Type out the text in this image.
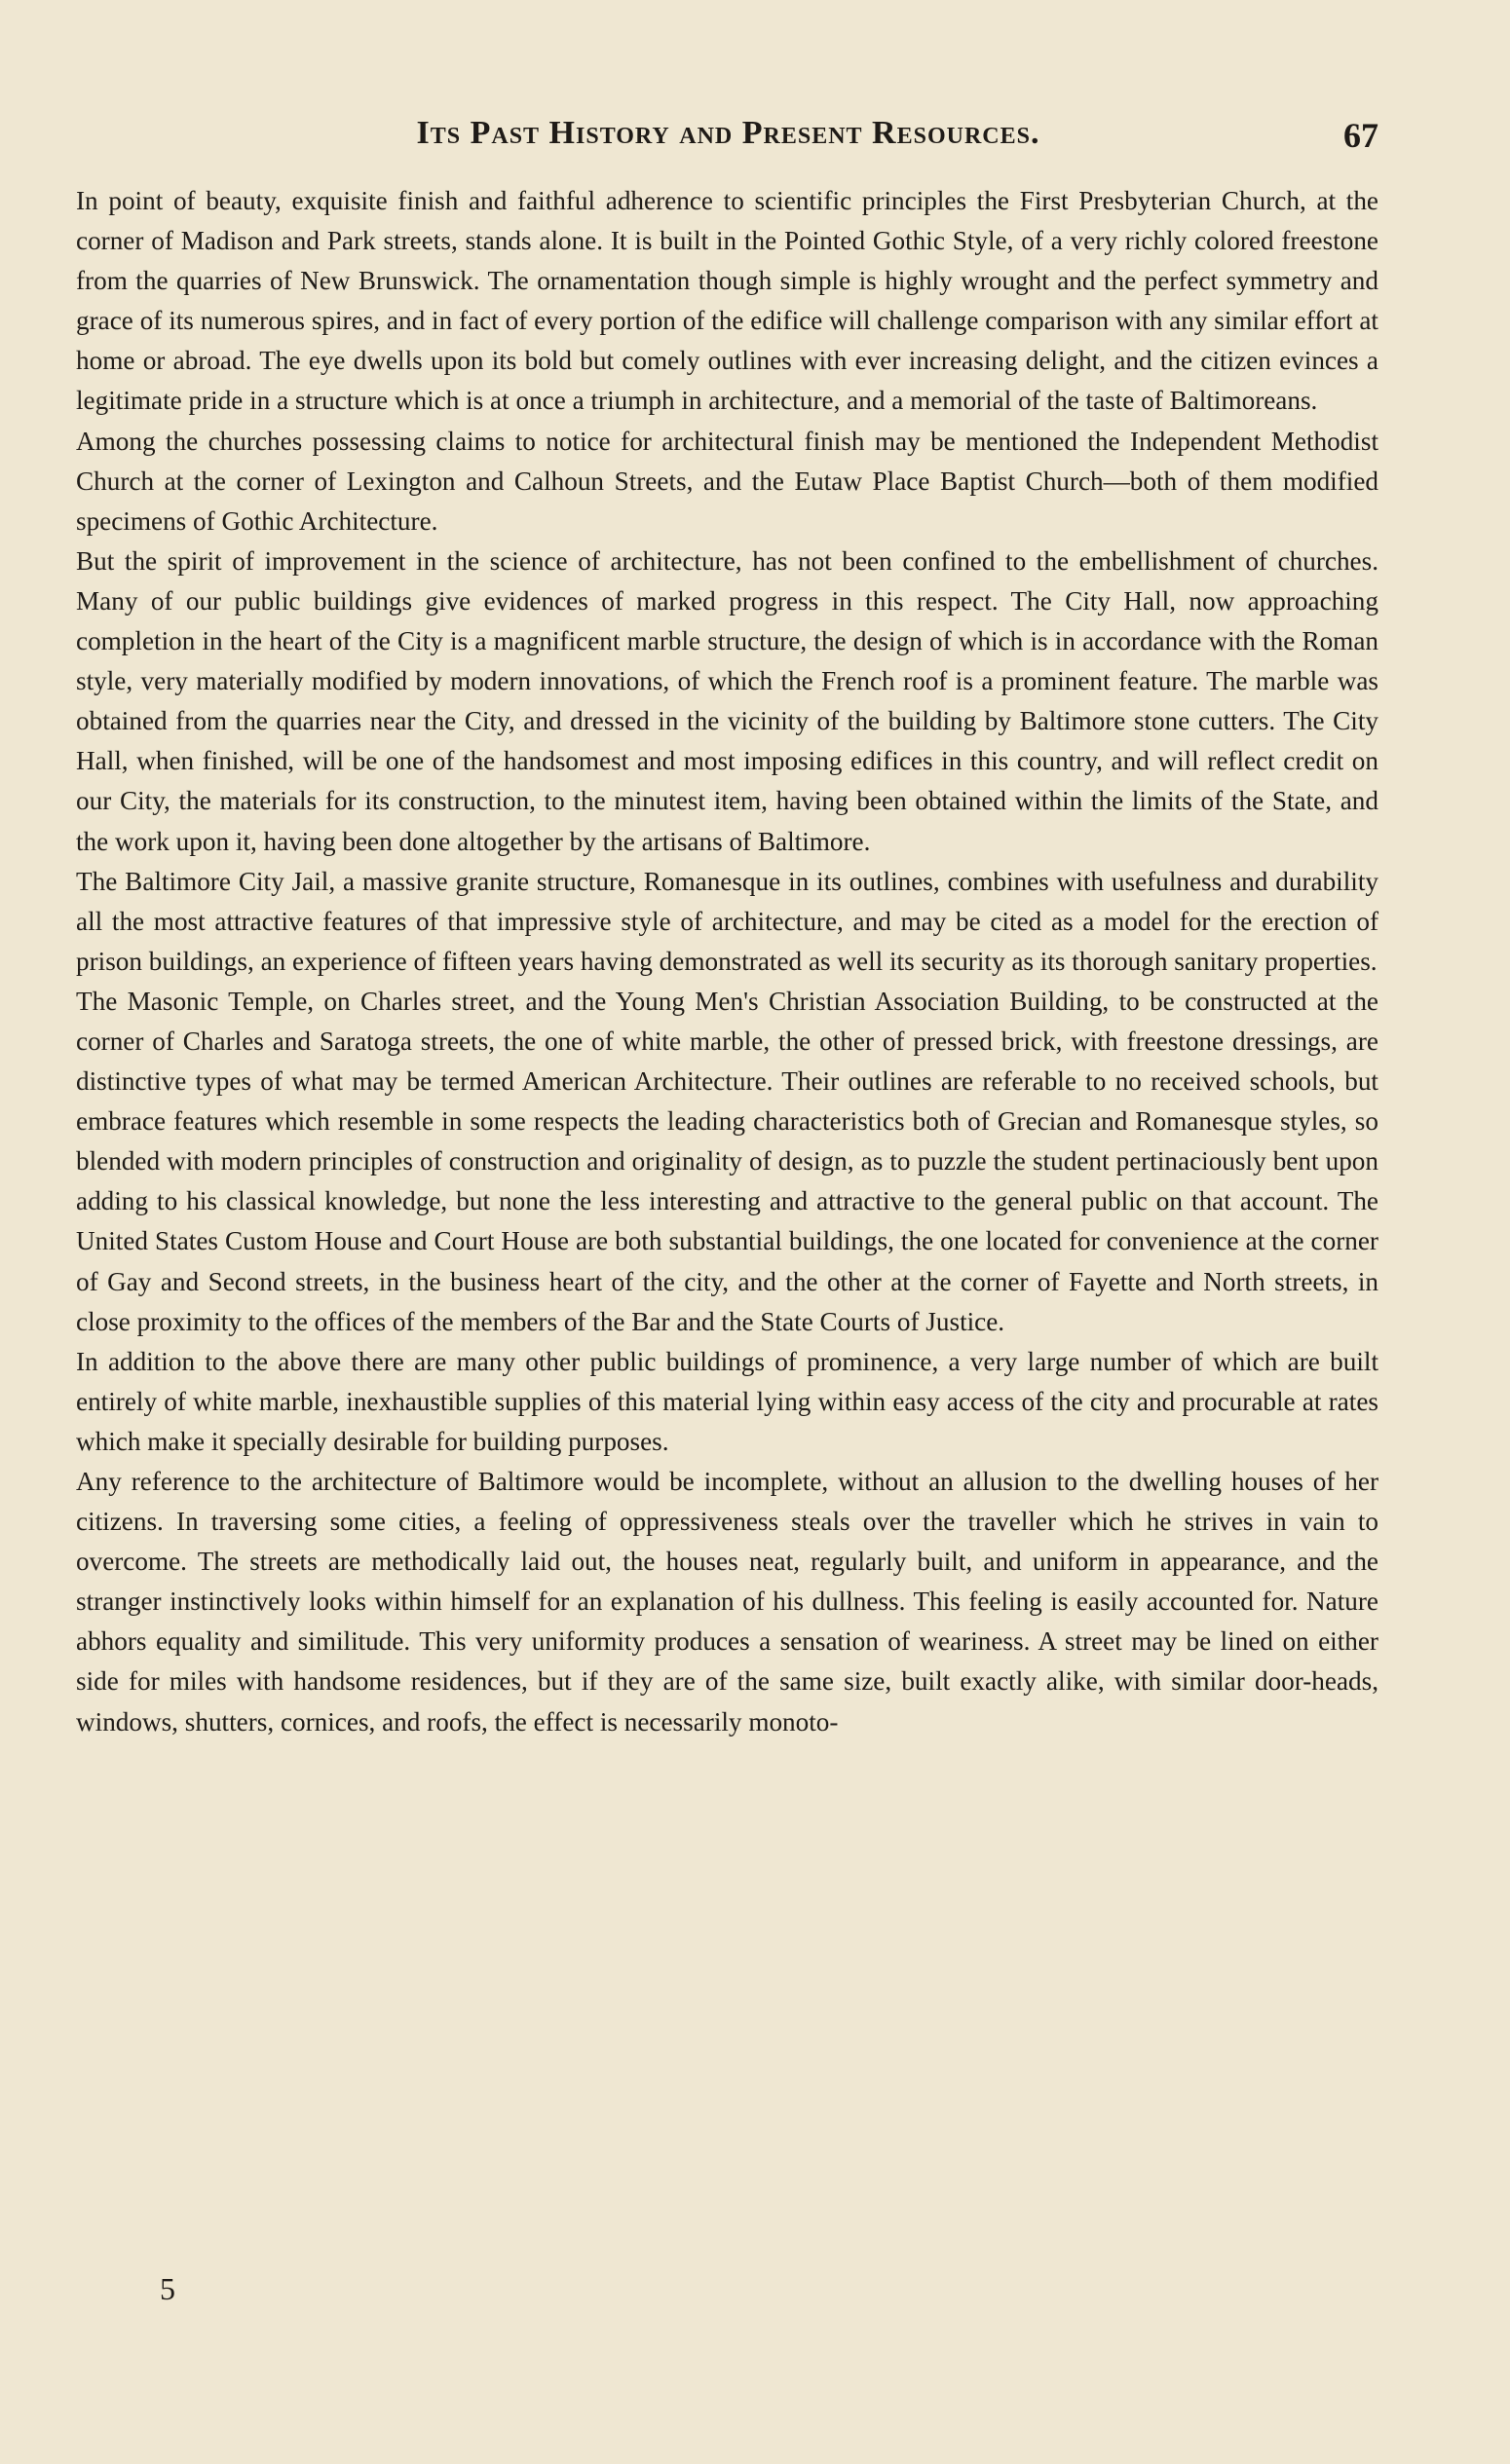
Its Past History and Present Resources.	67

In point of beauty, exquisite finish and faithful adherence to scientific principles the First Presbyterian Church, at the corner of Madison and Park streets, stands alone. It is built in the Pointed Gothic Style, of a very richly colored freestone from the quarries of New Brunswick. The ornamentation though simple is highly wrought and the perfect symmetry and grace of its numerous spires, and in fact of every portion of the edifice will challenge comparison with any similar effort at home or abroad. The eye dwells upon its bold but comely outlines with ever increasing delight, and the citizen evinces a legitimate pride in a structure which is at once a triumph in architecture, and a memorial of the taste of Baltimoreans.

Among the churches possessing claims to notice for architectural finish may be mentioned the Independent Methodist Church at the corner of Lexington and Calhoun Streets, and the Eutaw Place Baptist Church—both of them modified specimens of Gothic Architecture.

But the spirit of improvement in the science of architecture, has not been confined to the embellishment of churches. Many of our public buildings give evidences of marked progress in this respect. The City Hall, now approaching completion in the heart of the City is a magnificent marble structure, the design of which is in accordance with the Roman style, very materially modified by modern innovations, of which the French roof is a prominent feature. The marble was obtained from the quarries near the City, and dressed in the vicinity of the building by Baltimore stone cutters. The City Hall, when finished, will be one of the handsomest and most imposing edifices in this country, and will reflect credit on our City, the materials for its construction, to the minutest item, having been obtained within the limits of the State, and the work upon it, having been done altogether by the artisans of Baltimore.

The Baltimore City Jail, a massive granite structure, Romanesque in its outlines, combines with usefulness and durability all the most attractive features of that impressive style of architecture, and may be cited as a model for the erection of prison buildings, an experience of fifteen years having demonstrated as well its security as its thorough sanitary properties.

The Masonic Temple, on Charles street, and the Young Men's Christian Association Building, to be constructed at the corner of Charles and Saratoga streets, the one of white marble, the other of pressed brick, with freestone dressings, are distinctive types of what may be termed American Architecture. Their outlines are referable to no received schools, but embrace features which resemble in some respects the leading characteristics both of Grecian and Romanesque styles, so blended with modern principles of construction and originality of design, as to puzzle the student pertinaciously bent upon adding to his classical knowledge, but none the less interesting and attractive to the general public on that account. The United States Custom House and Court House are both substantial buildings, the one located for convenience at the corner of Gay and Second streets, in the business heart of the city, and the other at the corner of Fayette and North streets, in close proximity to the offices of the members of the Bar and the State Courts of Justice.

In addition to the above there are many other public buildings of prominence, a very large number of which are built entirely of white marble, inexhaustible supplies of this material lying within easy access of the city and procurable at rates which make it specially desirable for building purposes.

Any reference to the architecture of Baltimore would be incomplete, without an allusion to the dwelling houses of her citizens. In traversing some cities, a feeling of oppressiveness steals over the traveller which he strives in vain to overcome. The streets are methodically laid out, the houses neat, regularly built, and uniform in appearance, and the stranger instinctively looks within himself for an explanation of his dullness. This feeling is easily accounted for. Nature abhors equality and similitude. This very uniformity produces a sensation of weariness. A street may be lined on either side for miles with handsome residences, but if they are of the same size, built exactly alike, with similar door-heads, windows, shutters, cornices, and roofs, the effect is necessarily monoto-

5
